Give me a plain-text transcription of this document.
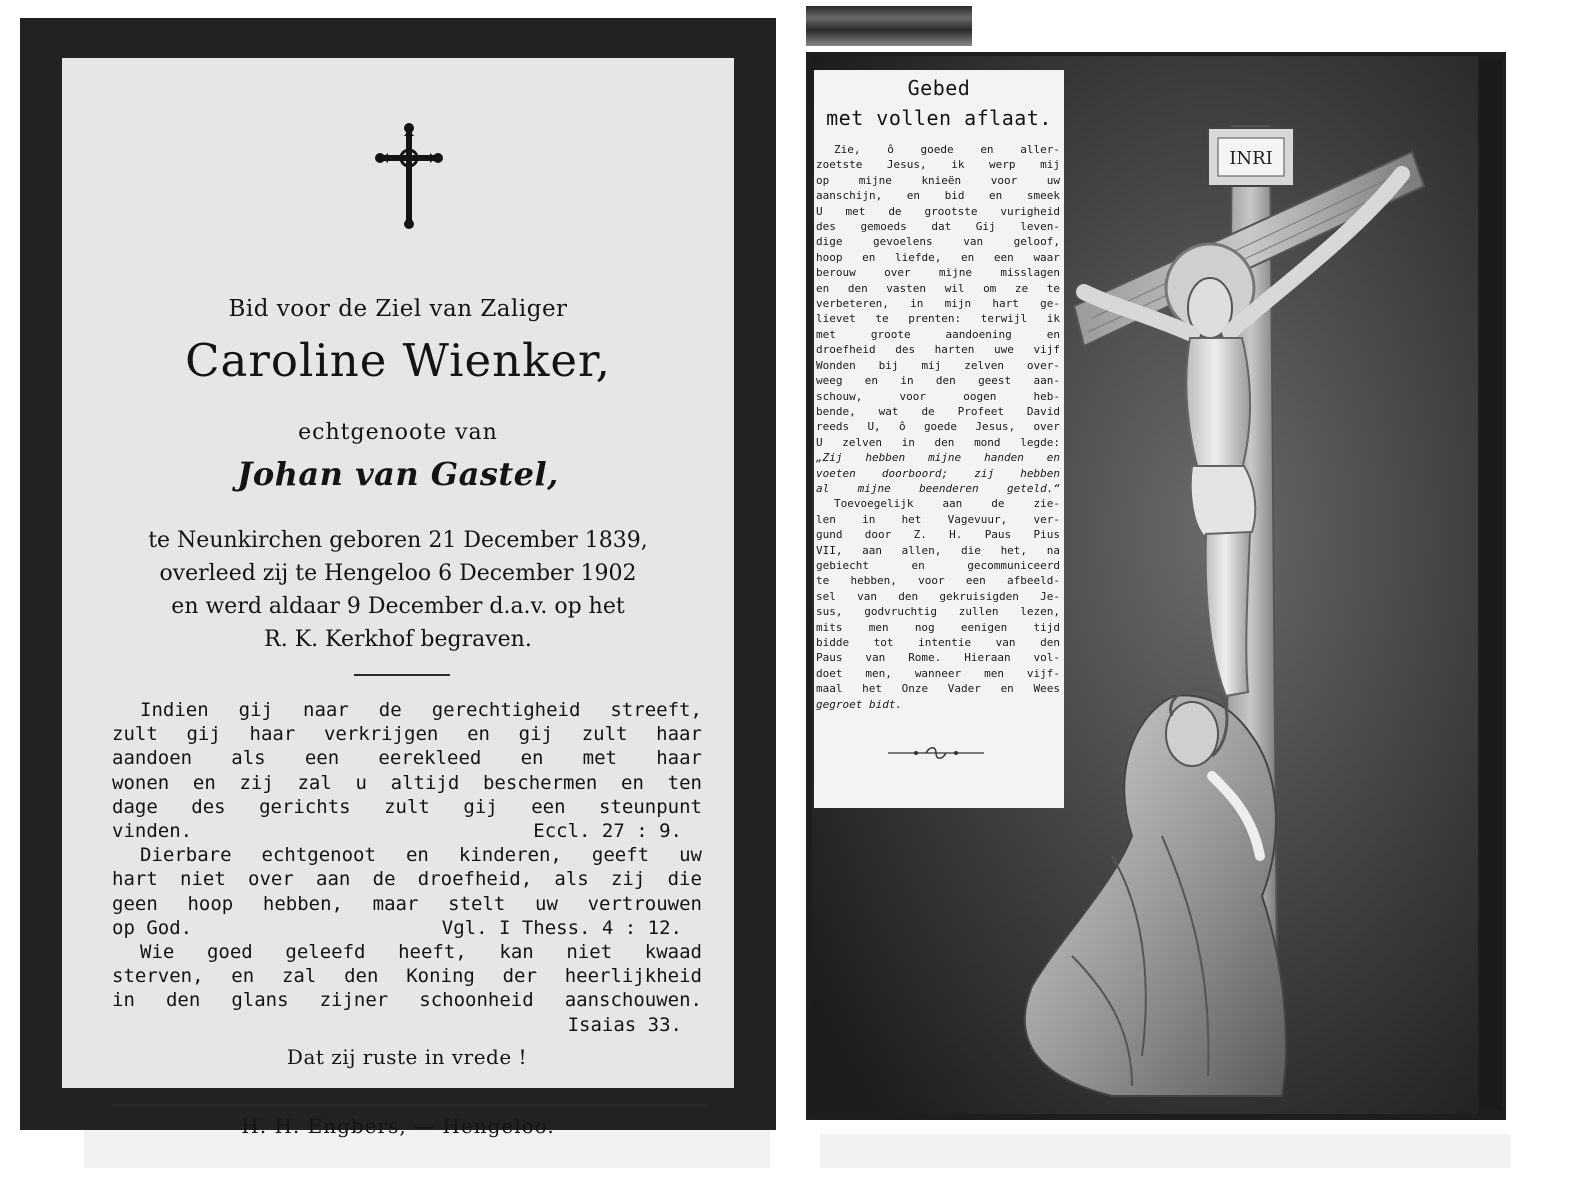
Bid voor de Ziel van Zaliger
Caroline Wienker,
echtgenoote van
Johan van Gastel,
te Neunkirchen geboren 21 December 1839,
overleed zij te Hengeloo 6 December 1902
en werd aldaar 9 December d.a.v. op het
R. K. Kerkhof begraven.
Indien gij naar de gerechtigheid streeft,
zult gij haar verkrijgen en gij zult haar
aandoen als een eerekleed en met haar
wonen en zij zal u altijd beschermen en ten
dage des gerichts zult gij een steunpunt
vinden.	Eccl. 27 : 9.
Dierbare echtgenoot en kinderen, geeft uw
hart niet over aan de droefheid, als zij die
geen hoop hebben, maar stelt uw vertrouwen
op God.	Vgl. I Thess. 4 : 12.
Wie goed geleefd heeft, kan niet kwaad
sterven, en zal den Koning der heerlijkheid
in den glans zijner schoonheid aanschouwen.
Isaias 33.
Dat zij ruste in vrede !
H. H. Engbers, — Hengeloo.
INRI
Gebed
met vollen aflaat.
Zie, ô goede en aller-
zoetste Jesus, ik werp mij
op	mijne	knieën	voor	uw
aanschijn, en bid en smeek
U met de grootste vurigheid
des gemoeds dat Gij leven-
dige	gevoelens	van	geloof,
hoop en liefde, en een waar
berouw	over	mijne	misslagen
en den vasten wil om ze te
verbeteren, in mijn hart ge-
lievet te prenten: terwijl ik
met	groote	aandoening	en
droefheid des harten uwe vijf
Wonden bij mij zelven over-
weeg en in den geest aan-
schouw,	voor	oogen	heb-
bende, wat de Profeet David
reeds U, ô goede Jesus, over
U zelven in den mond legde:
„Zij hebben mijne handen en
voeten doorboord; zij hebben
al	mijne	beenderen	geteld.“
Toevoegelijk	aan	de	zie-
len in het Vagevuur, ver-
gund door Z. H. Paus Pius
VII, aan allen, die het, na
gebiecht	en	gecommuniceerd
te hebben, voor een afbeeld-
sel van den gekruisigden Je-
sus, godvruchtig zullen lezen,
mits men nog eenigen tijd
bidde tot intentie van den
Paus van Rome. Hieraan vol-
doet men, wanneer men vijf-
maal het Onze Vader en Wees
gegroet bidt.
